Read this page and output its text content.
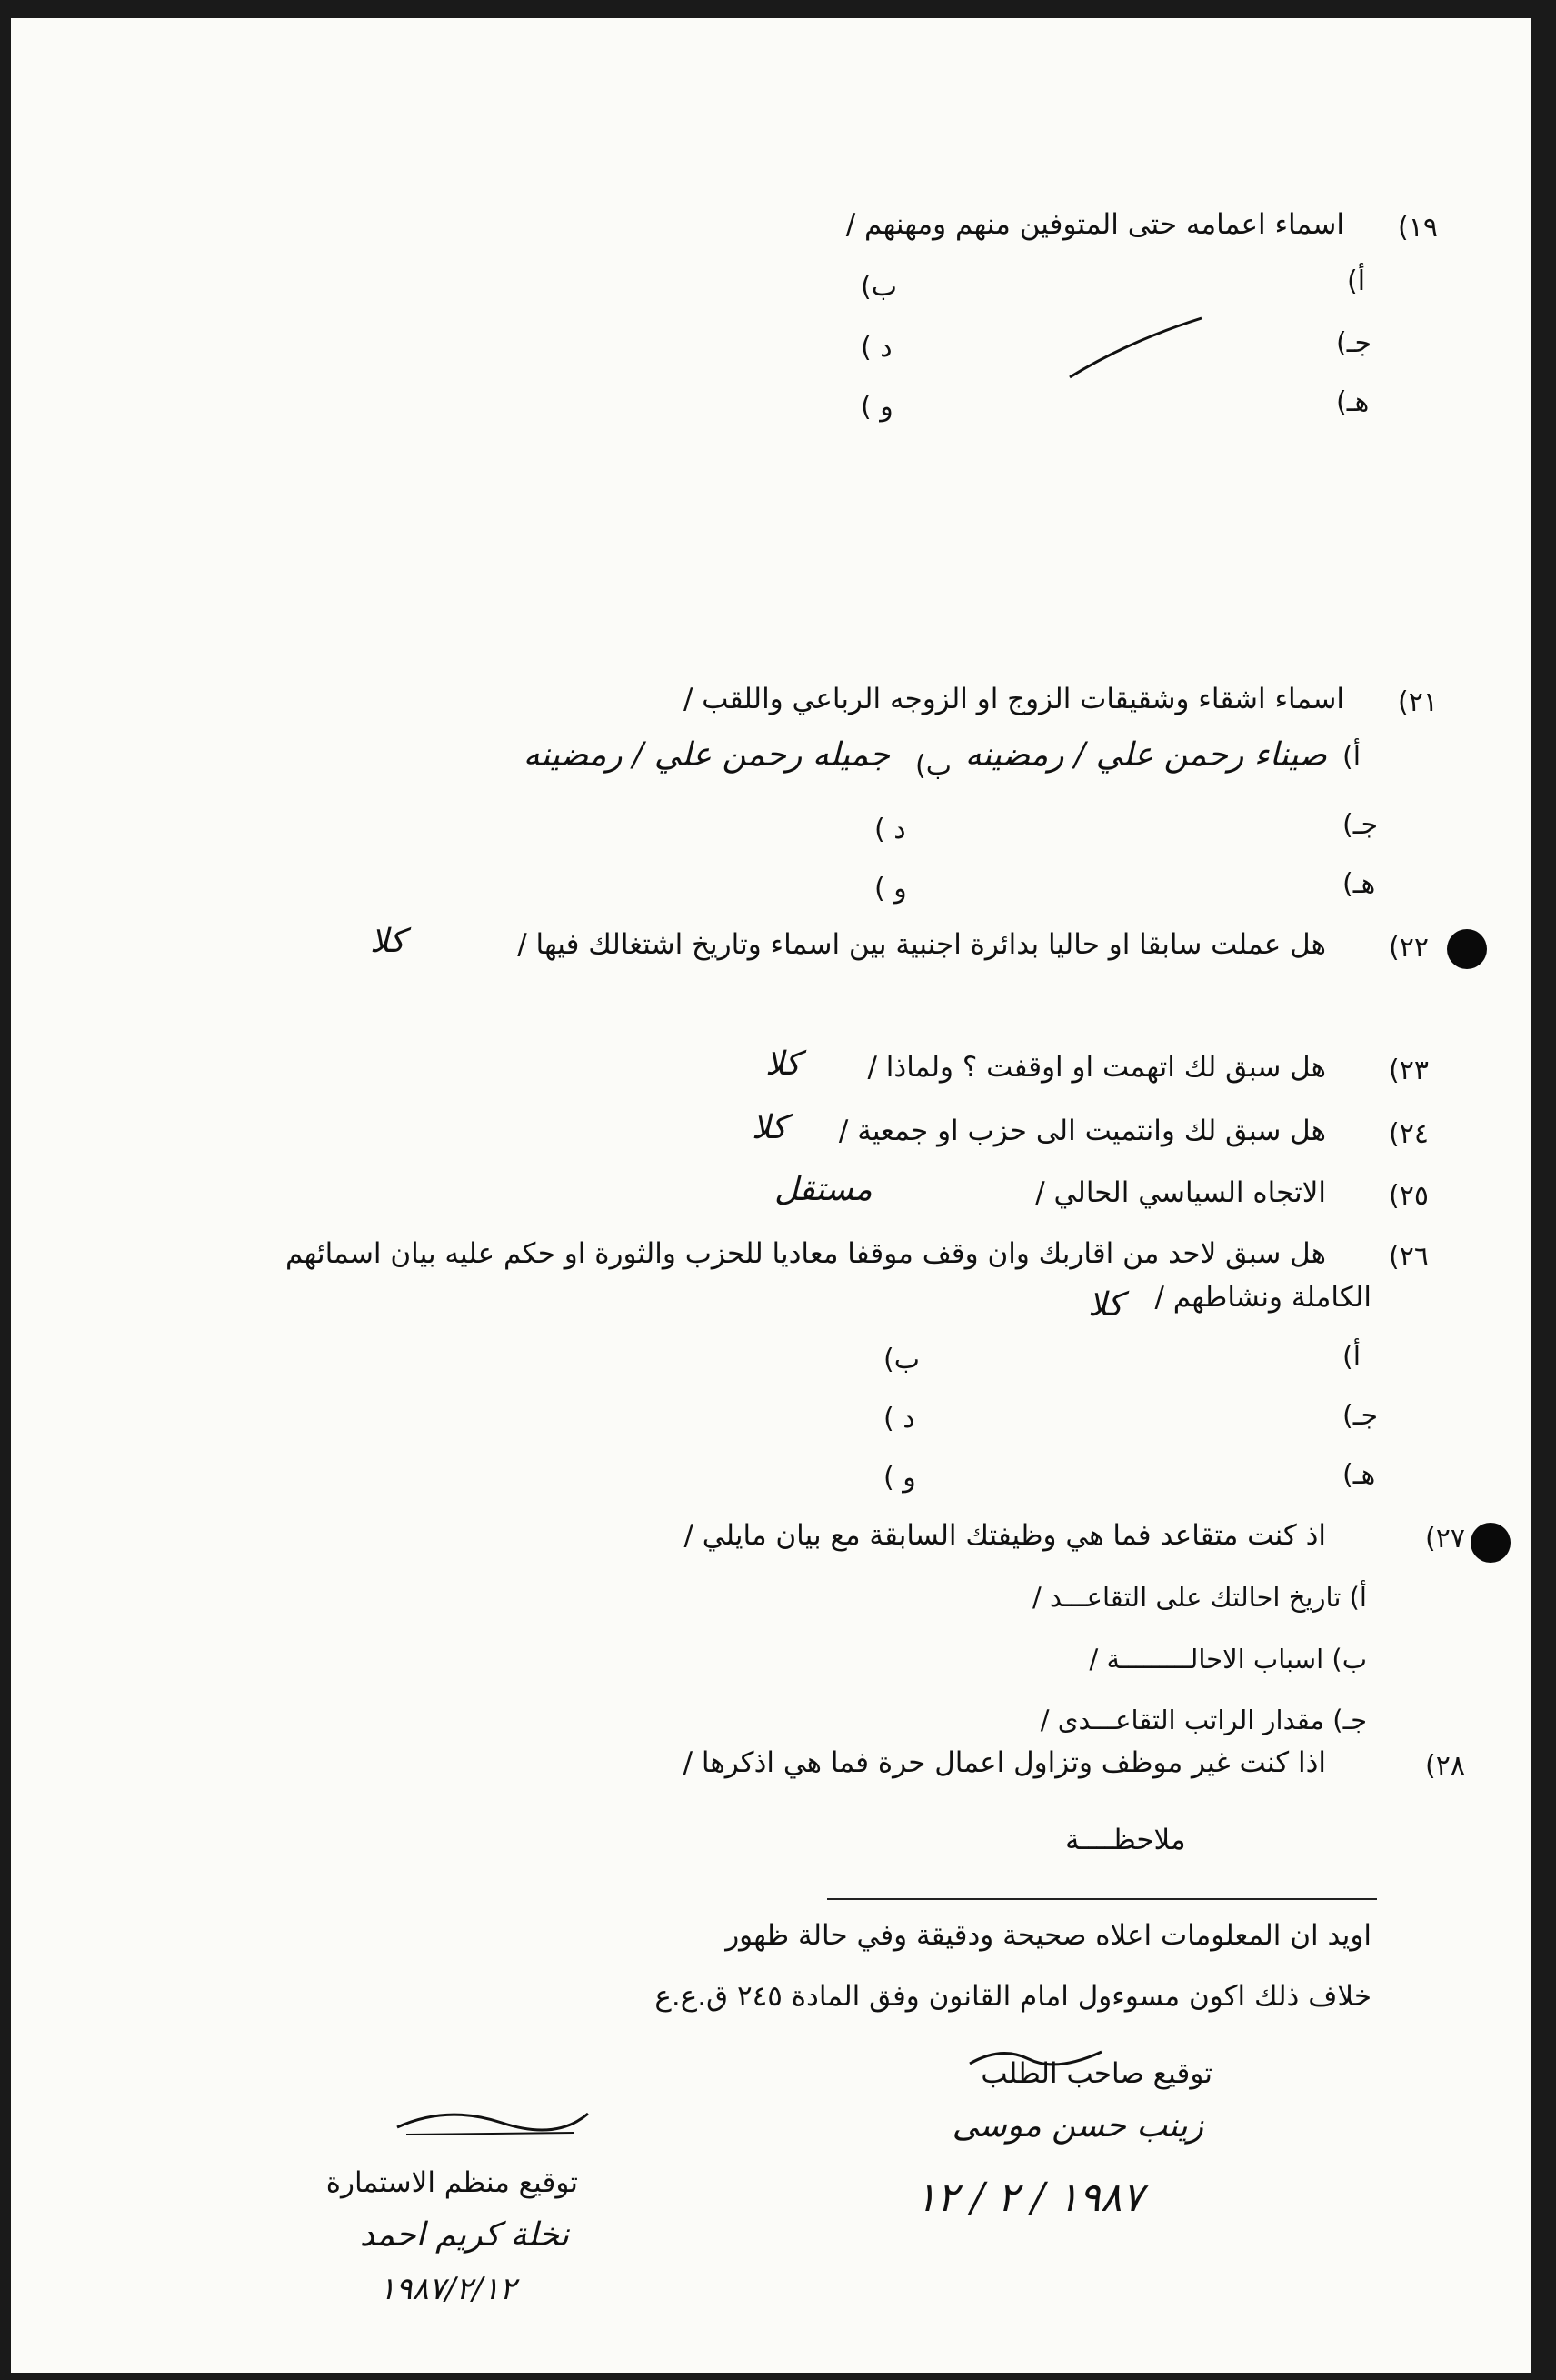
١٩)
اسماء اعمامه حتى المتوفين منهم ومهنهم /
أ)
ب)
جـ)
د )
هـ)
و )
٢١)
اسماء اشقاء وشقيقات الزوج او الزوجه الرباعي واللقب /
أ)
صيناء رحمن علي / رمضينه
ب)
جميله رحمن علي / رمضينه
جـ)
د )
هـ)
و )
٢٢)
هل عملت سابقا او حاليا بدائرة اجنبية بين اسماء وتاريخ اشتغالك فيها /
كلا
٢٣)
هل سبق لك اتهمت او اوقفت ؟ ولماذا /
كلا
٢٤)
هل سبق لك وانتميت الى حزب او جمعية /
كلا
٢٥)
الاتجاه السياسي الحالي /
مستقل
٢٦)
هل سبق لاحد من اقاربك وان وقف موقفا معاديا للحزب والثورة او حكم عليه بيان اسمائهم
الكاملة ونشاطهم /
كلا
أ)
ب)
جـ)
د )
هـ)
و )
٢٧)
اذ كنت متقاعد فما هي وظيفتك السابقة مع بيان مايلي /
أ) تاريخ احالتك على التقاعـــد /
ب) اسباب الاحالـــــــــة /
جـ) مقدار الراتب التقاعـــدى /
٢٨)
اذا كنت غير موظف وتزاول اعمال حرة فما هي اذكرها /
ملاحظــــة
اويد ان المعلومات اعلاه صحيحة ودقيقة وفي حالة ظهور
خلاف ذلك اكون مسوءول امام القانون وفق المادة ٢٤٥ ق.ع.ع
توقيع صاحب الطلب
زينب حسن موسى
١٩٨٧ / ٢ / ١٢
توقيع منظم الاستمارة
نخلة كريم احمد
١٩٨٧/٢/١٢
